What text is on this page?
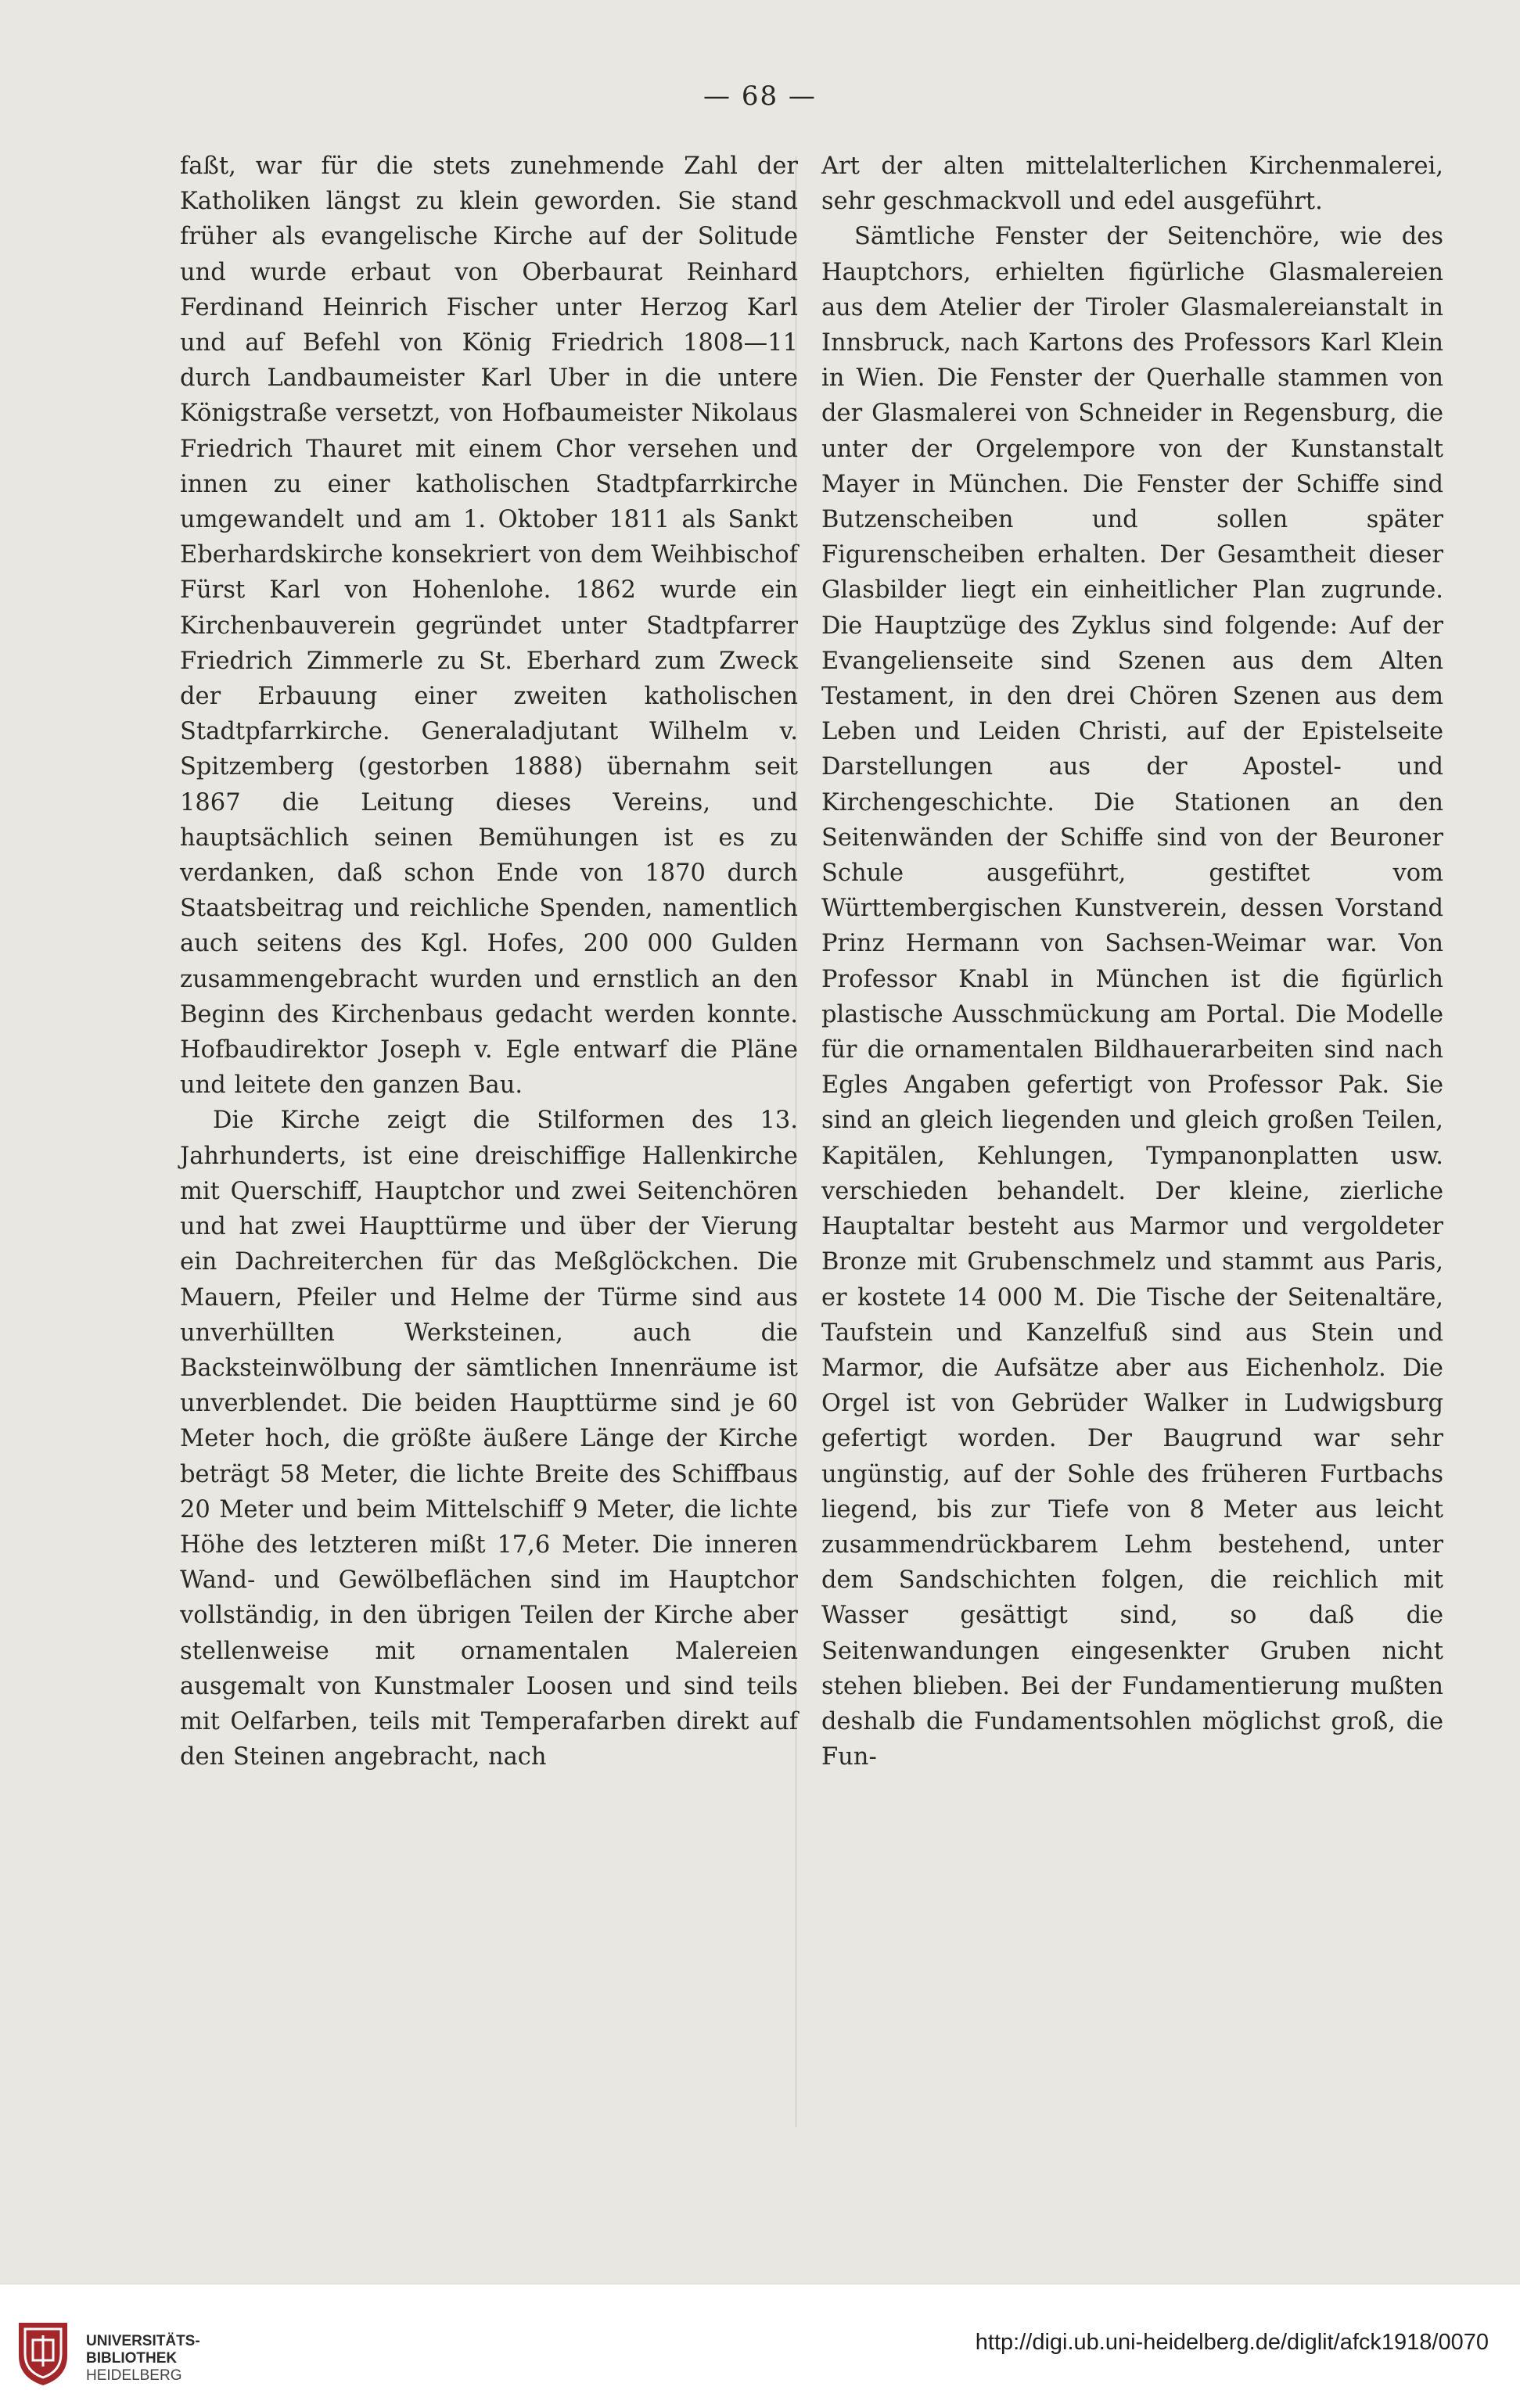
— 68 —

faßt, war für die stets zunehmende Zahl der Katholiken längst zu klein geworden. Sie stand früher als evangelische Kirche auf der Solitude und wurde erbaut von Oberbaurat Reinhard Ferdinand Heinrich Fischer unter Herzog Karl und auf Befehl von König Friedrich 1808—11 durch Landbaumeister Karl Uber in die untere Königstraße versetzt, von Hofbaumeister Nikolaus Friedrich Thauret mit einem Chor versehen und innen zu einer katholischen Stadtpfarrkirche umgewandelt und am 1. Oktober 1811 als Sankt Eberhardskirche konsekriert von dem Weihbischof Fürst Karl von Hohenlohe. 1862 wurde ein Kirchenbauverein gegründet unter Stadtpfarrer Friedrich Zimmerle zu St. Eberhard zum Zweck der Erbauung einer zweiten katholischen Stadtpfarrkirche. Generaladjutant Wilhelm v. Spitzemberg (gestorben 1888) übernahm seit 1867 die Leitung dieses Vereins, und hauptsächlich seinen Bemühungen ist es zu verdanken, daß schon Ende von 1870 durch Staatsbeitrag und reichliche Spenden, namentlich auch seitens des Kgl. Hofes, 200 000 Gulden zusammengebracht wurden und ernstlich an den Beginn des Kirchenbaus gedacht werden konnte. Hofbaudirektor Joseph v. Egle entwarf die Pläne und leitete den ganzen Bau.

Die Kirche zeigt die Stilformen des 13. Jahrhunderts, ist eine dreischiffige Hallenkirche mit Querschiff, Hauptchor und zwei Seitenchören und hat zwei Haupttürme und über der Vierung ein Dachreiterchen für das Meßglöckchen. Die Mauern, Pfeiler und Helme der Türme sind aus unverhüllten Werksteinen, auch die Backsteinwölbung der sämtlichen Innenräume ist unverblendet. Die beiden Haupttürme sind je 60 Meter hoch, die größte äußere Länge der Kirche beträgt 58 Meter, die lichte Breite des Schiffbaus 20 Meter und beim Mittelschiff 9 Meter, die lichte Höhe des letzteren mißt 17,6 Meter. Die inneren Wand- und Gewölbeflächen sind im Hauptchor vollständig, in den übrigen Teilen der Kirche aber stellenweise mit ornamentalen Malereien ausgemalt von Kunstmaler Loosen und sind teils mit Oelfarben, teils mit Temperafarben direkt auf den Steinen angebracht, nach

Art der alten mittelalterlichen Kirchenmalerei, sehr geschmackvoll und edel ausgeführt.

Sämtliche Fenster der Seitenchöre, wie des Hauptchors, erhielten figürliche Glasmalereien aus dem Atelier der Tiroler Glasmalereianstalt in Innsbruck, nach Kartons des Professors Karl Klein in Wien. Die Fenster der Querhalle stammen von der Glasmalerei von Schneider in Regensburg, die unter der Orgelempore von der Kunstanstalt Mayer in München. Die Fenster der Schiffe sind Butzenscheiben und sollen später Figurenscheiben erhalten. Der Gesamtheit dieser Glasbilder liegt ein einheitlicher Plan zugrunde. Die Hauptzüge des Zyklus sind folgende: Auf der Evangelienseite sind Szenen aus dem Alten Testament, in den drei Chören Szenen aus dem Leben und Leiden Christi, auf der Epistelseite Darstellungen aus der Apostel- und Kirchengeschichte. Die Stationen an den Seitenwänden der Schiffe sind von der Beuroner Schule ausgeführt, gestiftet vom Württembergischen Kunstverein, dessen Vorstand Prinz Hermann von Sachsen-Weimar war. Von Professor Knabl in München ist die figürlich plastische Ausschmückung am Portal. Die Modelle für die ornamentalen Bildhauerarbeiten sind nach Egles Angaben gefertigt von Professor Pak. Sie sind an gleich liegenden und gleich großen Teilen, Kapitälen, Kehlungen, Tympanonplatten usw. verschieden behandelt. Der kleine, zierliche Hauptaltar besteht aus Marmor und vergoldeter Bronze mit Grubenschmelz und stammt aus Paris, er kostete 14 000 M. Die Tische der Seitenaltäre, Taufstein und Kanzelfuß sind aus Stein und Marmor, die Aufsätze aber aus Eichenholz. Die Orgel ist von Gebrüder Walker in Ludwigsburg gefertigt worden. Der Baugrund war sehr ungünstig, auf der Sohle des früheren Furtbachs liegend, bis zur Tiefe von 8 Meter aus leicht zusammendrückbarem Lehm bestehend, unter dem Sandschichten folgen, die reichlich mit Wasser gesättigt sind, so daß die Seitenwandungen eingesenkter Gruben nicht stehen blieben. Bei der Fundamentierung mußten deshalb die Fundamentsohlen möglichst groß, die Fun-

UNIVERSITÄTS-
BIBLIOTHEK
HEIDELBERG
http://digi.ub.uni-heidelberg.de/diglit/afck1918/0070
